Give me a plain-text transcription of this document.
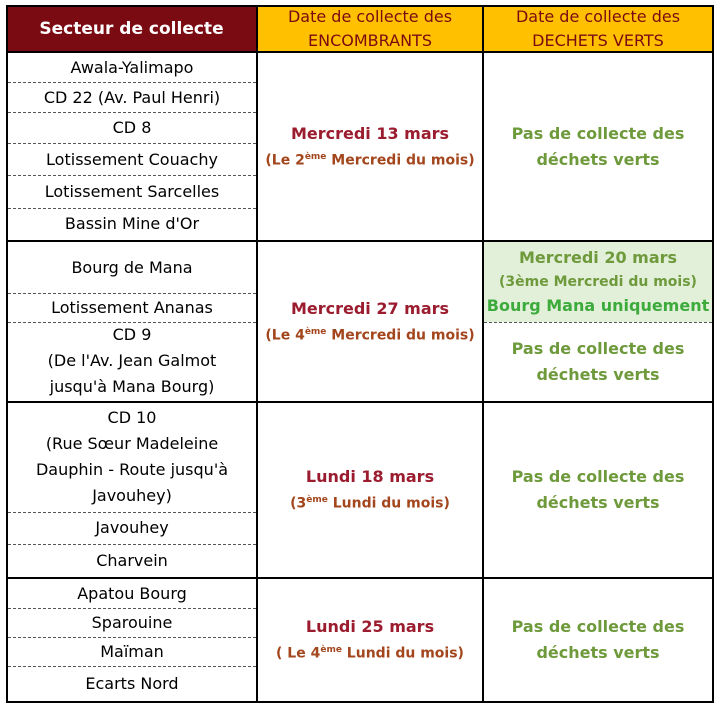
Secteur de collecte
Date de collecte des
ENCOMBRANTS
Date de collecte des
DECHETS VERTS
Awala-Yalimapo
CD 22 (Av. Paul Henri)
CD 8
Lotissement Couachy
Lotissement Sarcelles
Bassin Mine d'Or
Bourg de Mana
Lotissement Ananas
CD 9
(De l'Av. Jean Galmot
jusqu'à Mana Bourg)
CD 10
(Rue Sœur Madeleine
Dauphin - Route jusqu'à
Javouhey)
Javouhey
Charvein
Apatou Bourg
Sparouine
Maïman
Ecarts Nord
Mercredi 13 mars
(Le 2ème Mercredi du mois)
Mercredi 27 mars
(Le 4ème Mercredi du mois)
Lundi 18 mars
(3ème Lundi du mois)
Lundi 25 mars
( Le 4ème Lundi du mois)
Pas de collecte des
déchets verts
Mercredi 20 mars
(3ème Mercredi du mois)
Bourg Mana uniquement
Pas de collecte des
déchets verts
Pas de collecte des
déchets verts
Pas de collecte des
déchets verts
